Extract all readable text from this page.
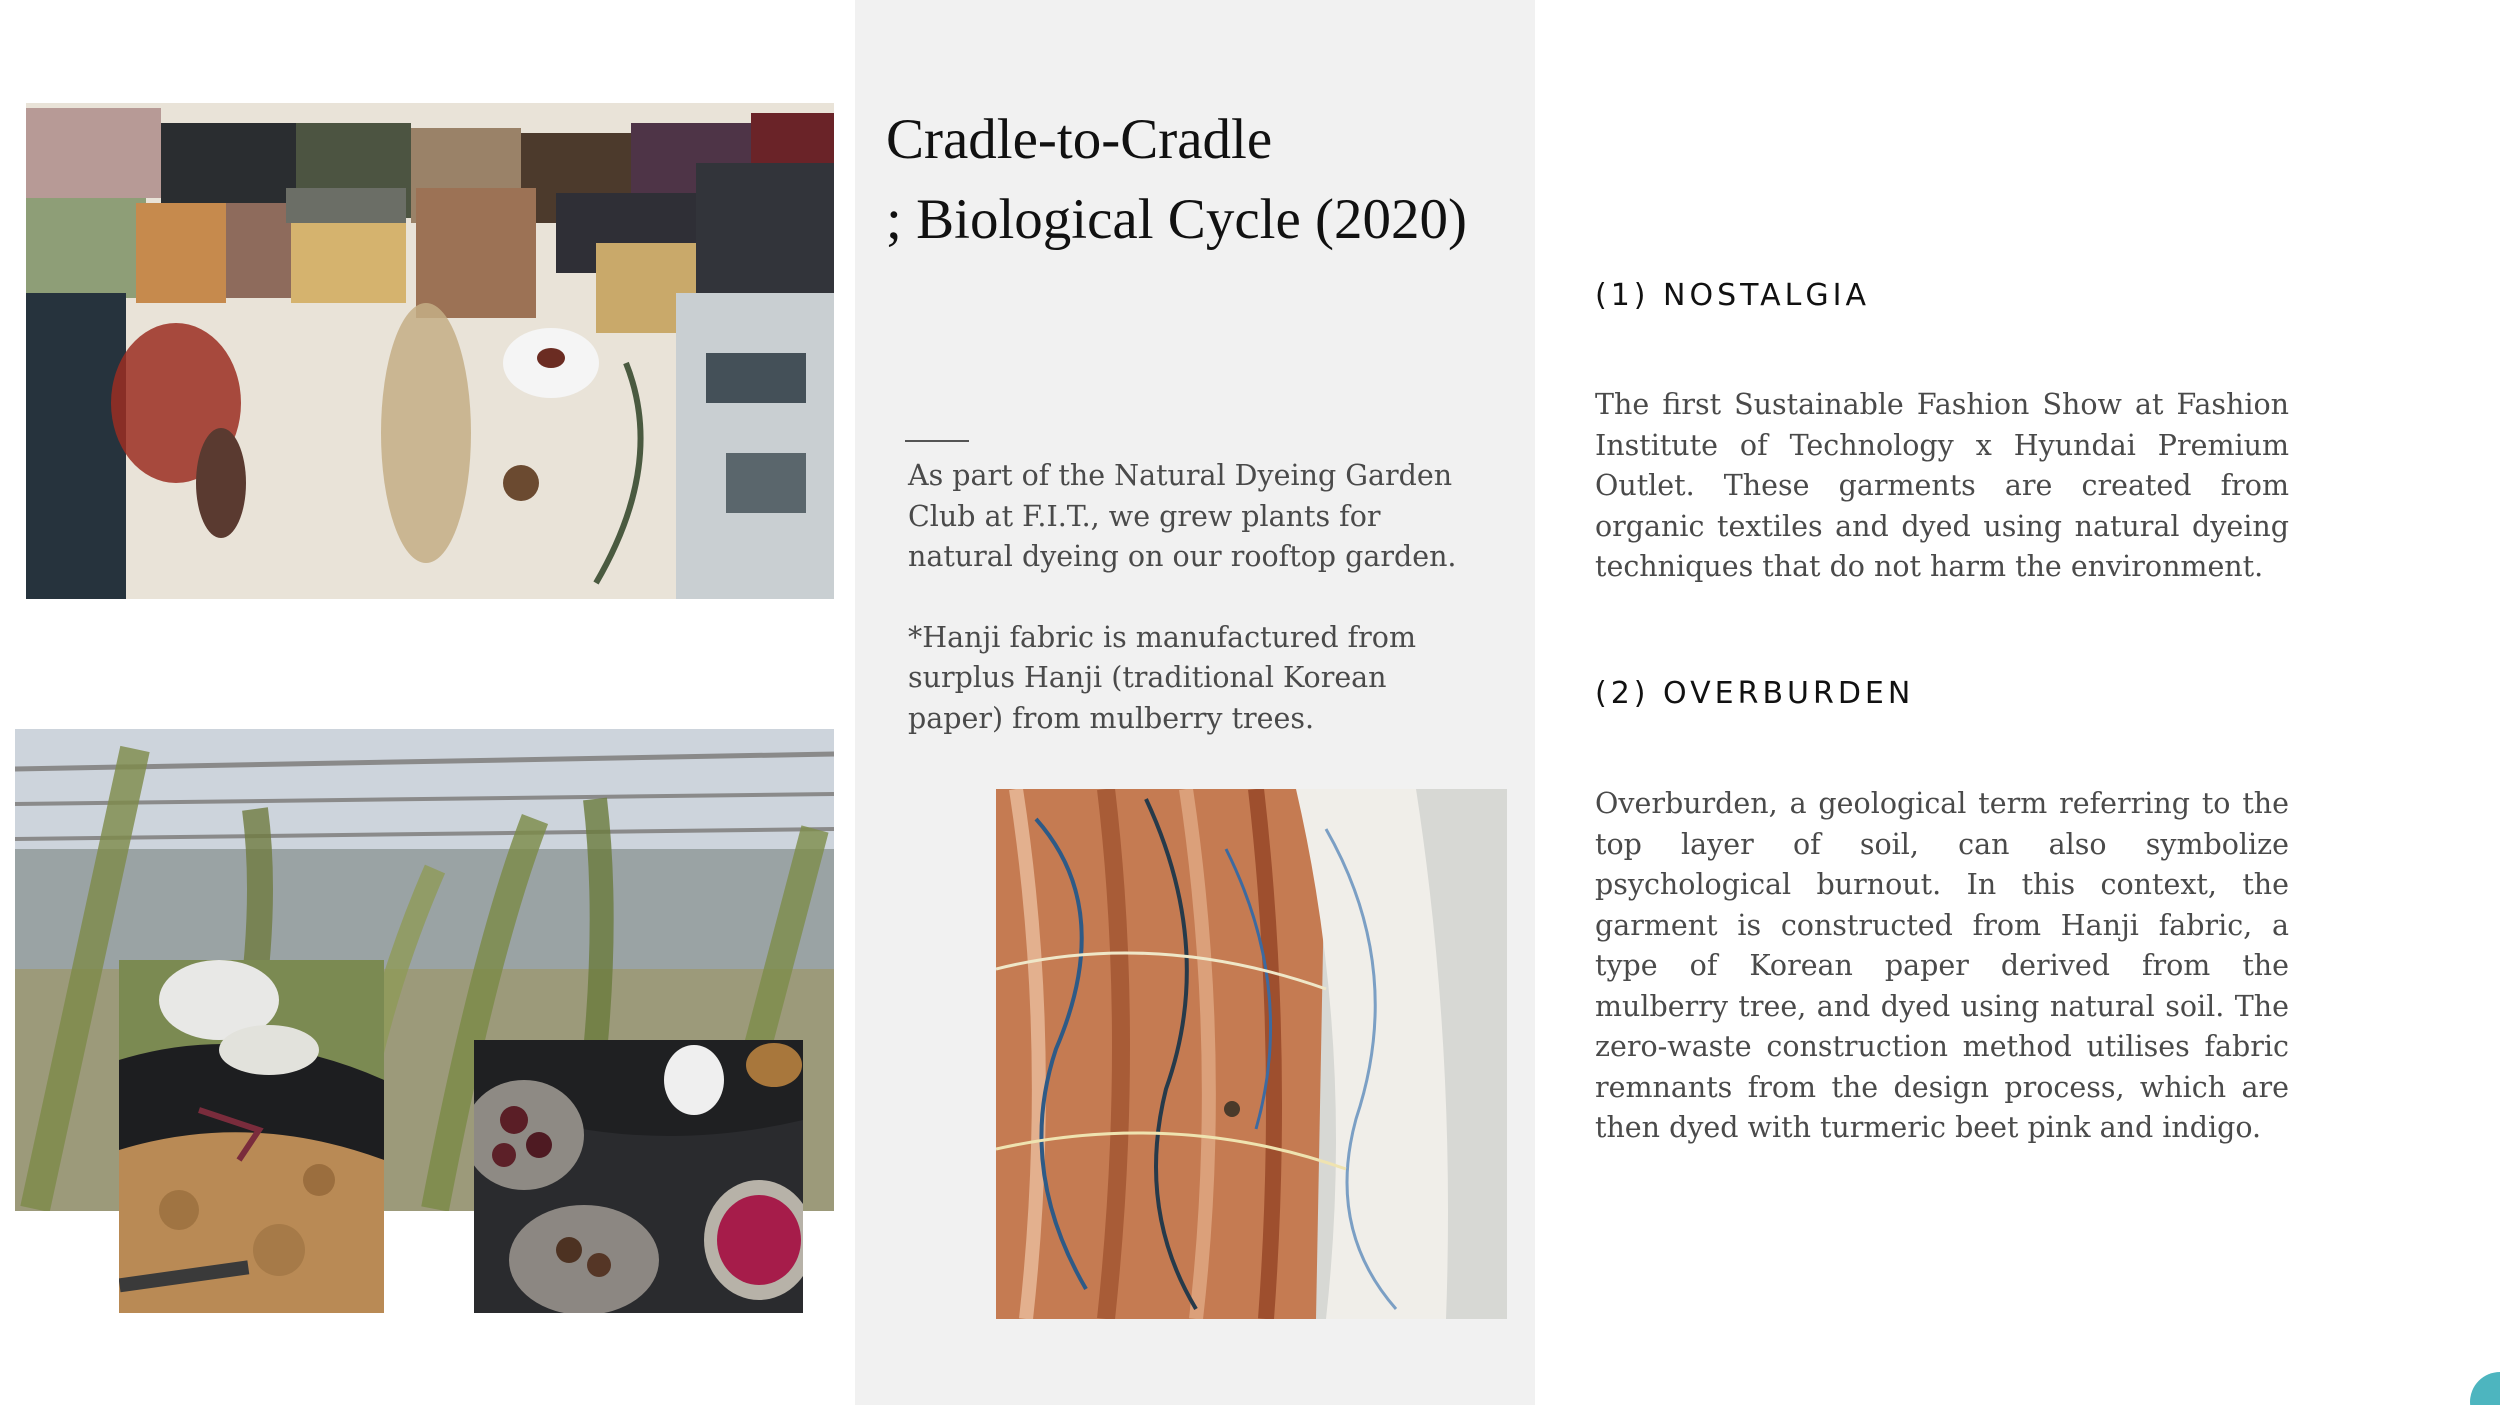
Cradle-to-Cradle
; Biological Cycle (2020)

As part of the Natural Dyeing Garden Club at F.I.T., we grew plants for natural dyeing on our rooftop garden.

*Hanji fabric is manufactured from surplus Hanji (traditional Korean paper) from mulberry trees.

(1) NOSTALGIA

The first Sustainable Fashion Show at Fashion Institute of Technology x Hyundai Premium Outlet. These garments are created from organic textiles and dyed using natural dyeing techniques that do not harm the environment.

(2) OVERBURDEN

Overburden, a geological term referring to the top layer of soil, can also symbolize psychological burnout. In this context, the garment is constructed from Hanji fabric, a type of Korean paper derived from the mulberry tree, and dyed using natural soil. The zero-waste construction method utilises fabric remnants from the design process, which are then dyed with turmeric beet pink and indigo.
